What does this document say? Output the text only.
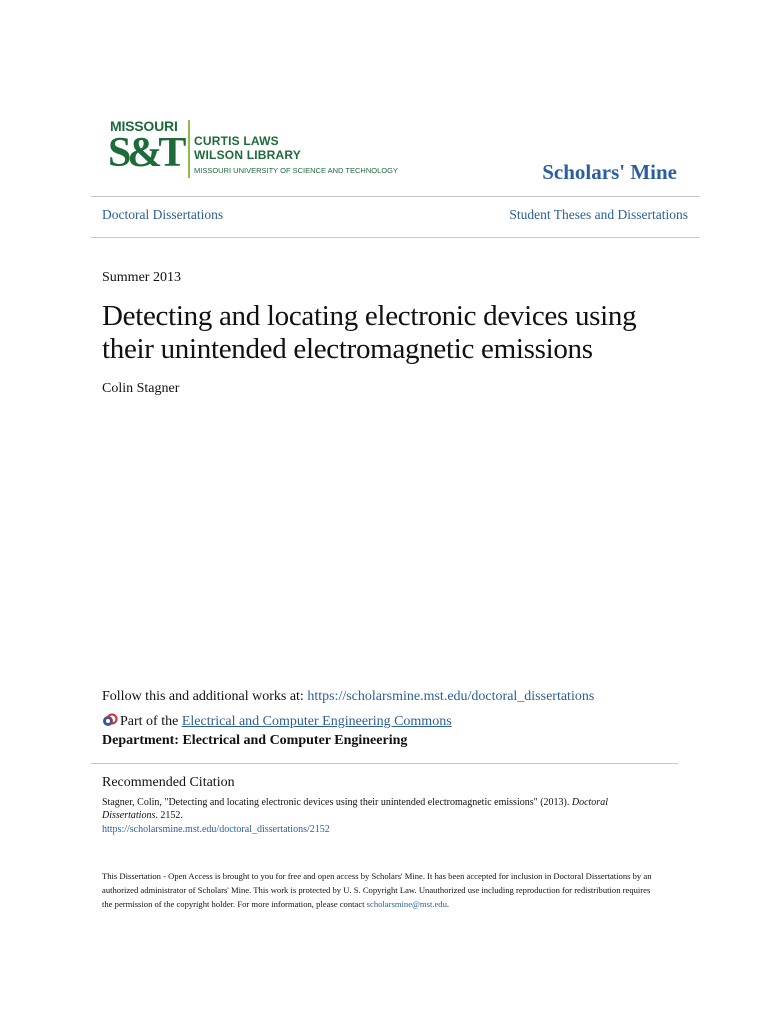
MISSOURI
S&T CURTIS LAWS
WILSON LIBRARY
MISSOURI UNIVERSITY OF SCIENCE AND TECHNOLOGY	Scholars' Mine
Doctoral Dissertations	Student Theses and Dissertations
Summer 2013
Detecting and locating electronic devices using their unintended electromagnetic emissions
Colin Stagner
Follow this and additional works at: https://scholarsmine.mst.edu/doctoral_dissertations
Part of the Electrical and Computer Engineering Commons
Department: Electrical and Computer Engineering
Recommended Citation
Stagner, Colin, "Detecting and locating electronic devices using their unintended electromagnetic emissions" (2013). Doctoral Dissertations. 2152.
https://scholarsmine.mst.edu/doctoral_dissertations/2152
This Dissertation - Open Access is brought to you for free and open access by Scholars' Mine. It has been accepted for inclusion in Doctoral Dissertations by an authorized administrator of Scholars' Mine. This work is protected by U. S. Copyright Law. Unauthorized use including reproduction for redistribution requires the permission of the copyright holder. For more information, please contact scholarsmine@mst.edu.
